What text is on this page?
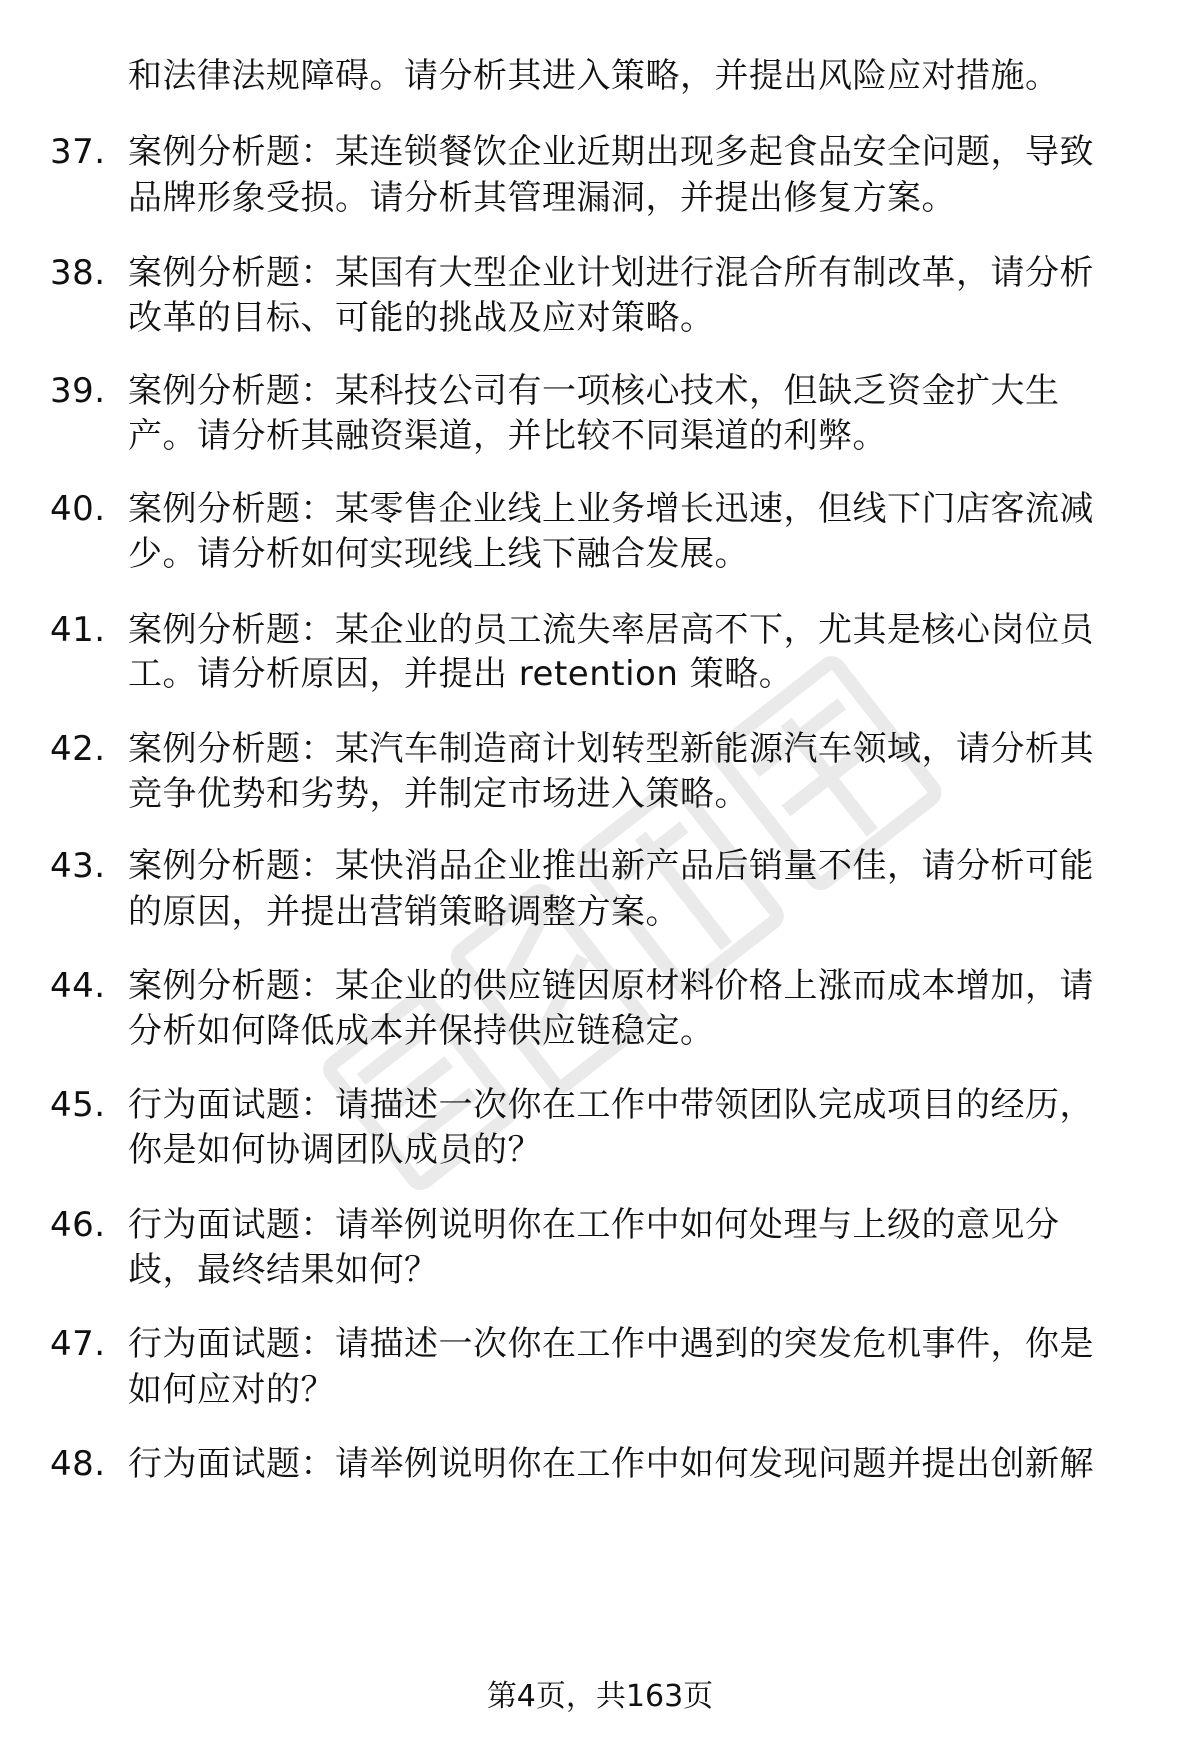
和法律法规障碍。请分析其进入策略，并提出风险应对措施。
37. 案例分析题：某连锁餐饮企业近期出现多起食品安全问题，导致
品牌形象受损。请分析其管理漏洞，并提出修复方案。
38. 案例分析题：某国有大型企业计划进行混合所有制改革，请分析
改革的目标、可能的挑战及应对策略。
39. 案例分析题：某科技公司有一项核心技术，但缺乏资金扩大生
产。请分析其融资渠道，并比较不同渠道的利弊。
40. 案例分析题：某零售企业线上业务增长迅速，但线下门店客流减
少。请分析如何实现线上线下融合发展。
41. 案例分析题：某企业的员工流失率居高不下，尤其是核心岗位员
工。请分析原因，并提出 retention 策略。
42. 案例分析题：某汽车制造商计划转型新能源汽车领域，请分析其
竞争优势和劣势，并制定市场进入策略。
43. 案例分析题：某快消品企业推出新产品后销量不佳，请分析可能
的原因，并提出营销策略调整方案。
44. 案例分析题：某企业的供应链因原材料价格上涨而成本增加，请
分析如何降低成本并保持供应链稳定。
45. 行为面试题：请描述一次你在工作中带领团队完成项目的经历，
你是如何协调团队成员的？
46. 行为面试题：请举例说明你在工作中如何处理与上级的意见分
歧，最终结果如何？
47. 行为面试题：请描述一次你在工作中遇到的突发危机事件，你是
如何应对的？
48. 行为面试题：请举例说明你在工作中如何发现问题并提出创新解
第4页，共163页
